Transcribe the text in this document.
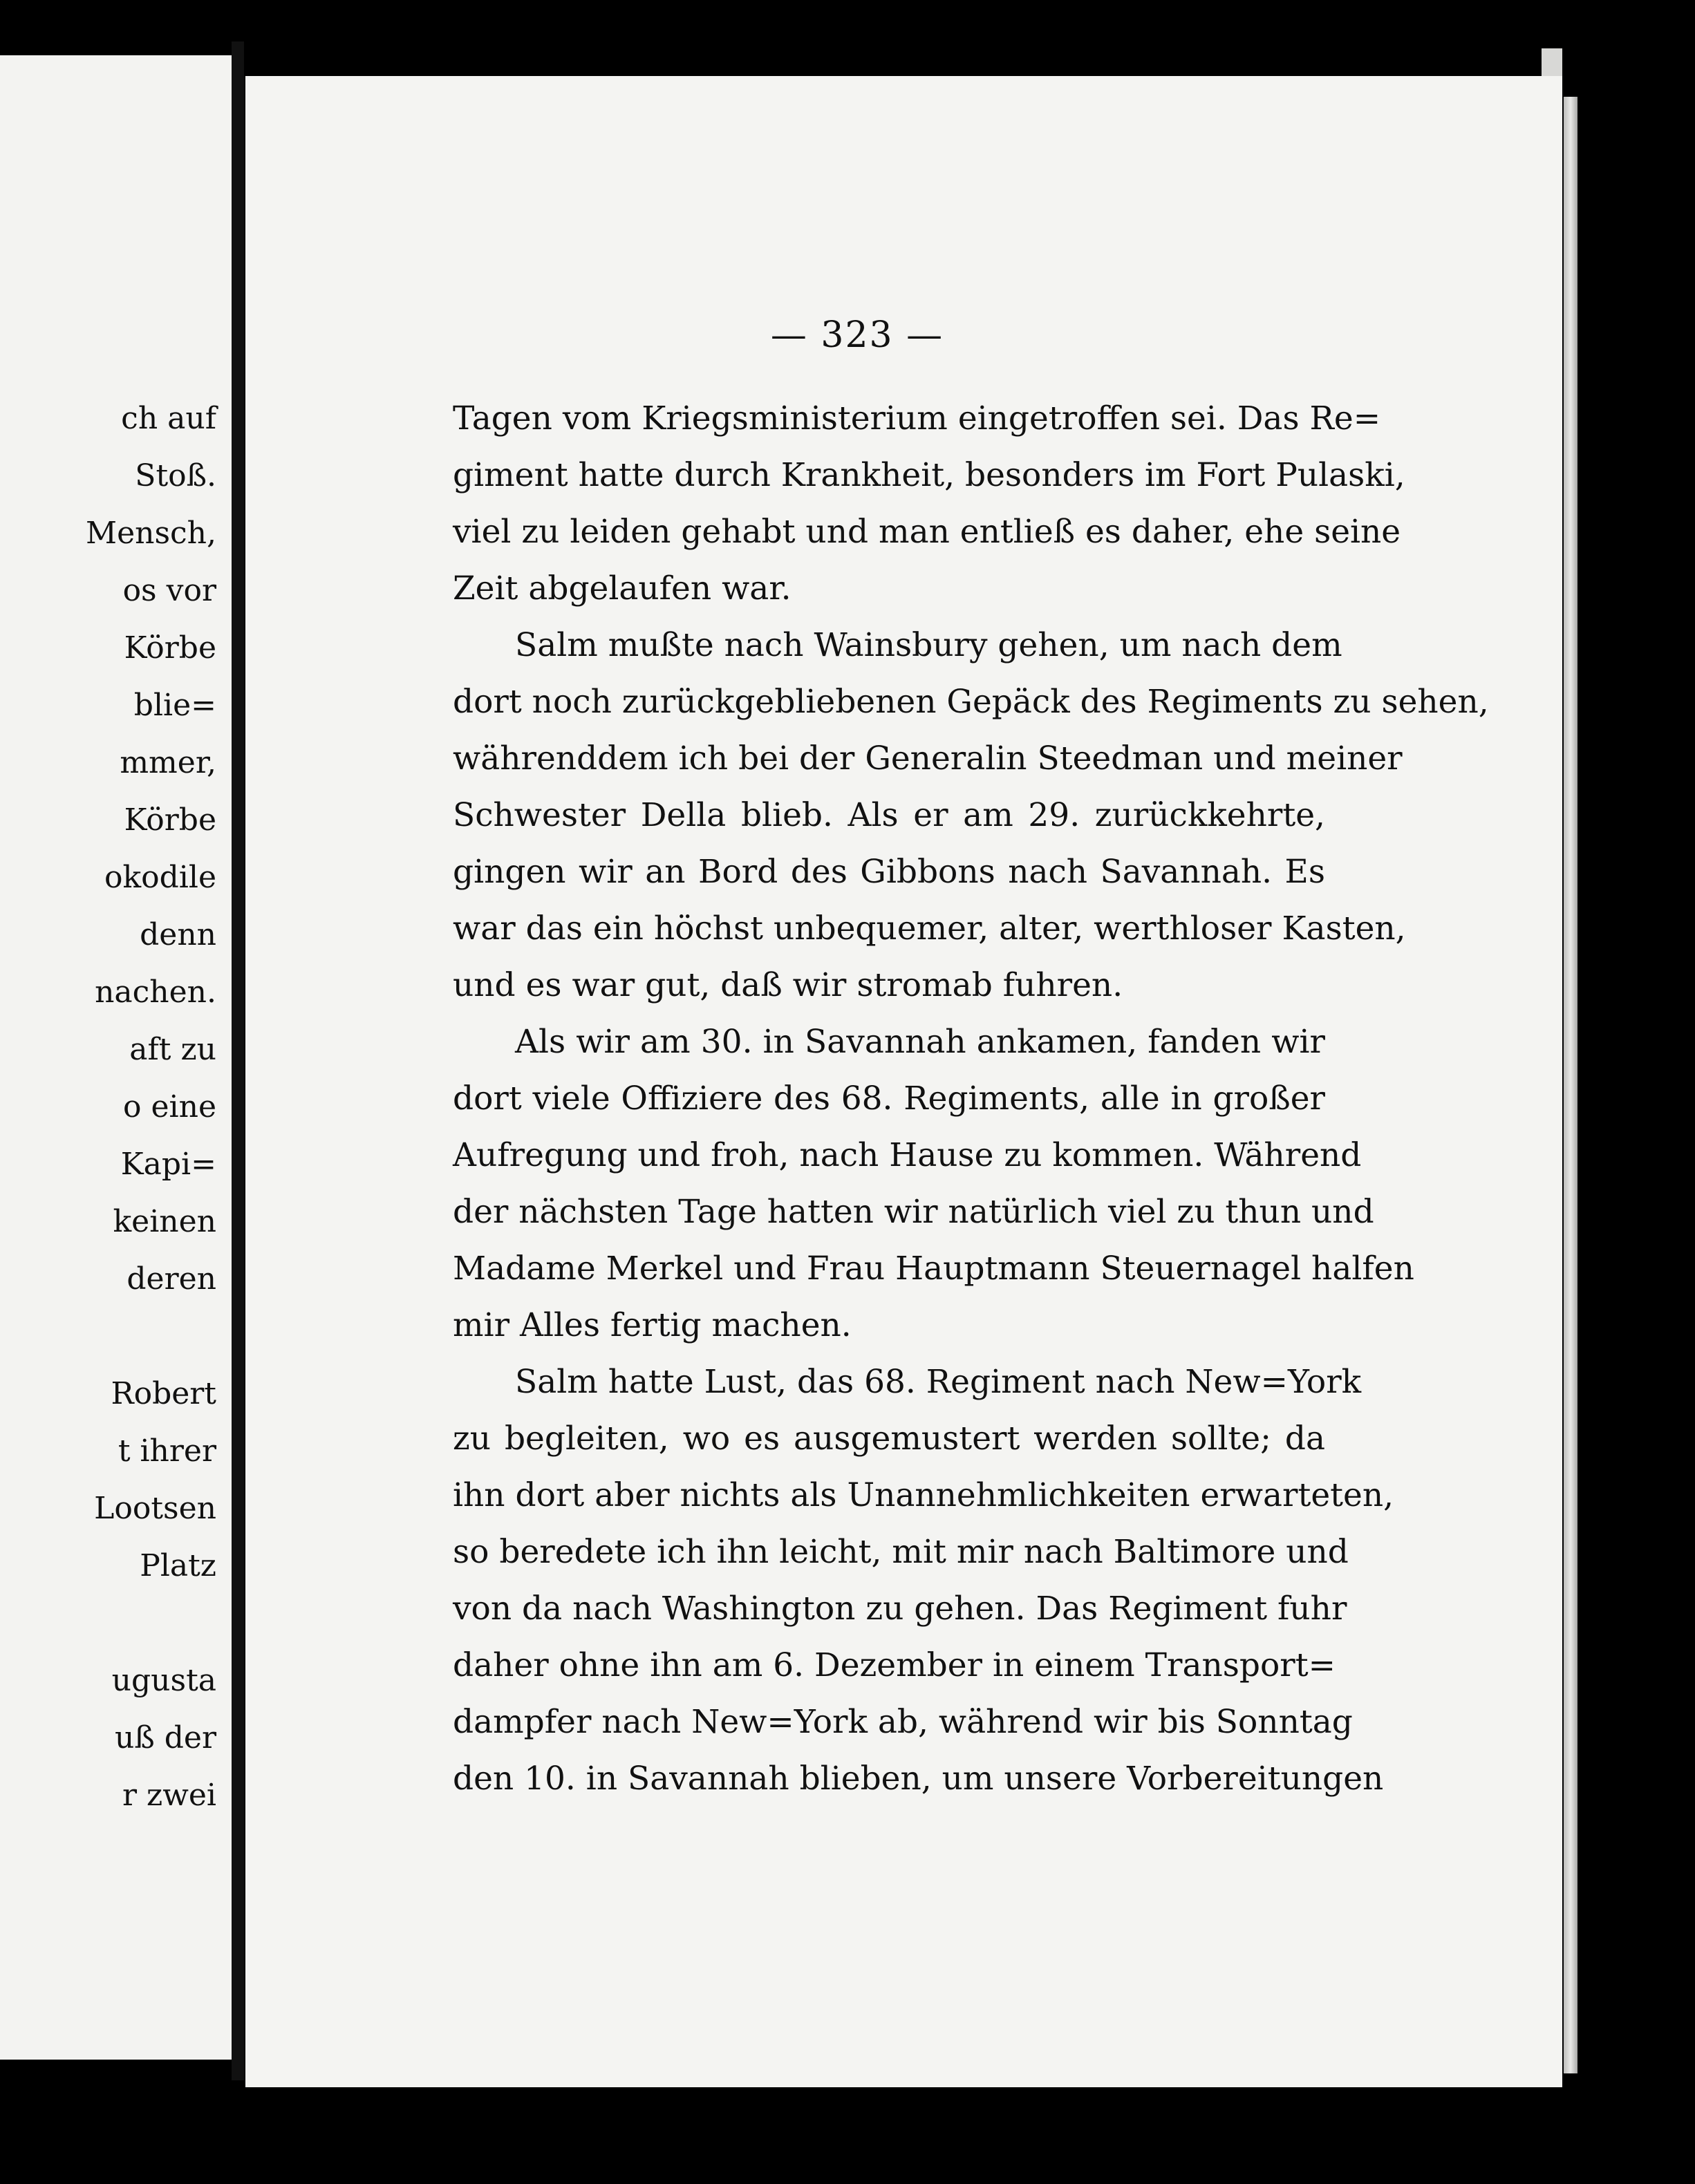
ch auf
Stoß.
Mensch,
os vor
Körbe
blie=
mmer,
Körbe
okodile
denn
nachen.
aft zu
o eine
Kapi=
keinen
deren
Robert
t ihrer
Lootsen
Platz
ugusta
uß der
r zwei
— 323 —
Tagen vom Kriegsministerium eingetroffen sei. Das Re=
giment hatte durch Krankheit, besonders im Fort Pulaski,
viel zu leiden gehabt und man entließ es daher, ehe seine
Zeit abgelaufen war.
Salm mußte nach Wainsbury gehen, um nach dem
dort noch zurückgebliebenen Gepäck des Regiments zu sehen,
währenddem ich bei der Generalin Steedman und meiner
Schwester Della blieb. Als er am 29. zurückkehrte,
gingen wir an Bord des Gibbons nach Savannah. Es
war das ein höchst unbequemer, alter, werthloser Kasten,
und es war gut, daß wir stromab fuhren.
Als wir am 30. in Savannah ankamen, fanden wir
dort viele Offiziere des 68. Regiments, alle in großer
Aufregung und froh, nach Hause zu kommen. Während
der nächsten Tage hatten wir natürlich viel zu thun und
Madame Merkel und Frau Hauptmann Steuernagel halfen
mir Alles fertig machen.
Salm hatte Lust, das 68. Regiment nach New=York
zu begleiten, wo es ausgemustert werden sollte; da
ihn dort aber nichts als Unannehmlichkeiten erwarteten,
so beredete ich ihn leicht, mit mir nach Baltimore und
von da nach Washington zu gehen. Das Regiment fuhr
daher ohne ihn am 6. Dezember in einem Transport=
dampfer nach New=York ab, während wir bis Sonntag
den 10. in Savannah blieben, um unsere Vorbereitungen
